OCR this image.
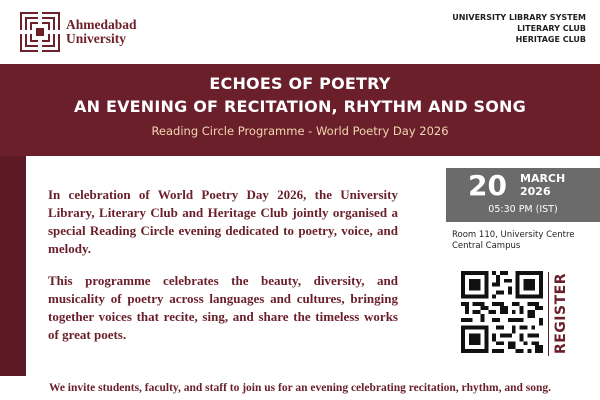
Ahmedabad
University
UNIVERSITY LIBRARY SYSTEM
LITERARY CLUB
HERITAGE CLUB
ECHOES OF POETRY
AN EVENING OF RECITATION, RHYTHM AND SONG
Reading Circle Programme - World Poetry Day 2026

In celebration of World Poetry Day 2026, the University Library, Literary Club and Heritage Club jointly organised a special Reading Circle evening dedicated to poetry, voice, and melody.

This programme celebrates the beauty, diversity, and musicality of poetry across languages and cultures, bringing together voices that recite, sing, and share the timeless works of great poets.

20 MARCH
2026
05:30 PM (IST)
Room 110, University Centre
Central Campus
REGISTER
We invite students, faculty, and staff to join us for an evening celebrating recitation, rhythm, and song.
